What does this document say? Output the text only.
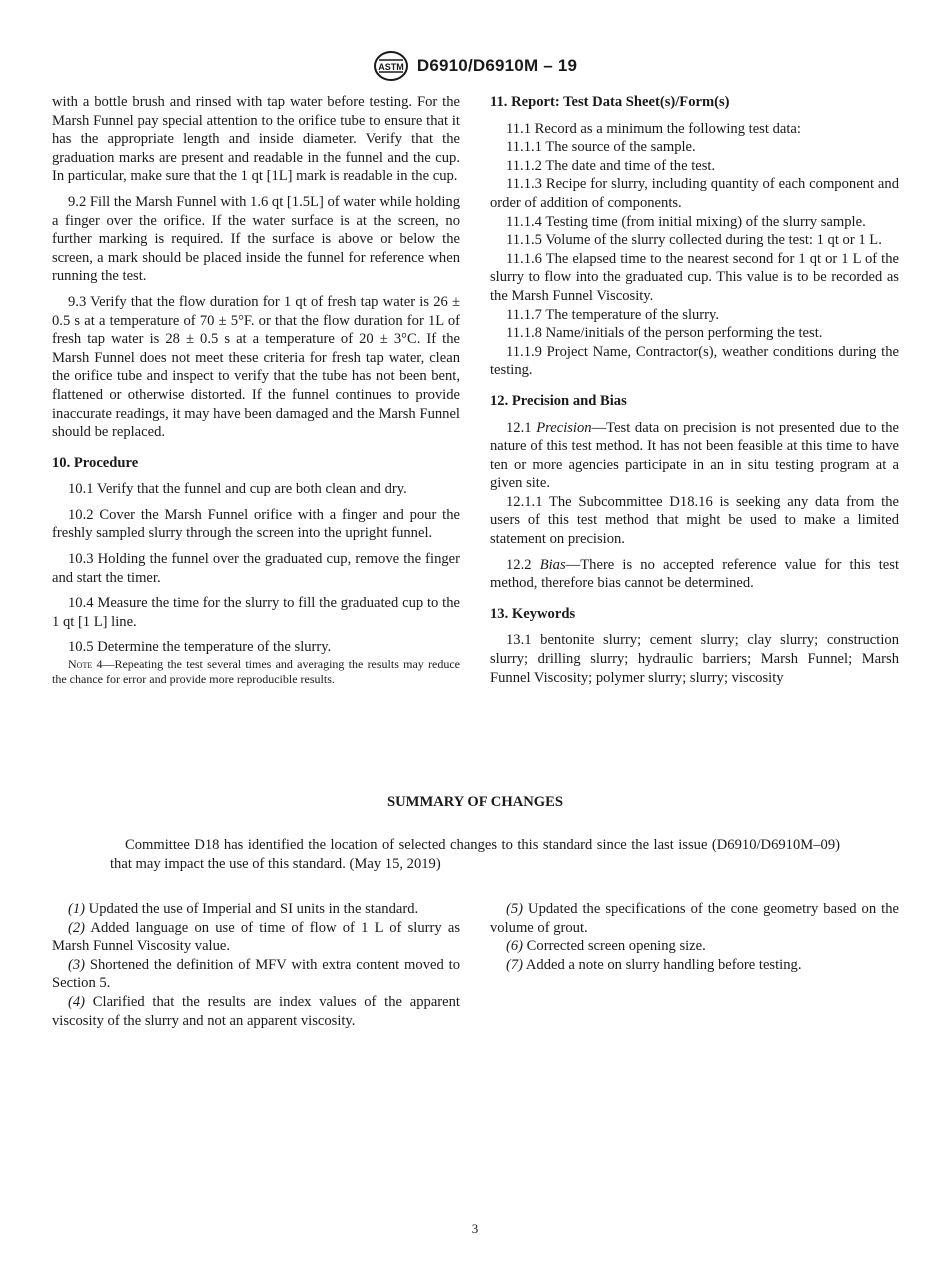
ASTM D6910/D6910M – 19

with a bottle brush and rinsed with tap water before testing. For the Marsh Funnel pay special attention to the orifice tube to ensure that it has the appropriate length and inside diameter. Verify that the graduation marks are present and readable in the funnel and the cup. In particular, make sure that the 1 qt [1L] mark is readable in the cup.

9.2 Fill the Marsh Funnel with 1.6 qt [1.5L] of water while holding a finger over the orifice. If the water surface is at the screen, no further marking is required. If the surface is above or below the screen, a mark should be placed inside the funnel for reference when running the test.

9.3 Verify that the flow duration for 1 qt of fresh tap water is 26 ± 0.5 s at a temperature of 70 ± 5°F. or that the flow duration for 1L of fresh tap water is 28 ± 0.5 s at a temperature of 20 ± 3°C. If the Marsh Funnel does not meet these criteria for fresh tap water, clean the orifice tube and inspect to verify that the tube has not been bent, flattened or otherwise distorted. If the funnel continues to provide inaccurate readings, it may have been damaged and the Marsh Funnel should be replaced.

10. Procedure

10.1 Verify that the funnel and cup are both clean and dry.

10.2 Cover the Marsh Funnel orifice with a finger and pour the freshly sampled slurry through the screen into the upright funnel.

10.3 Holding the funnel over the graduated cup, remove the finger and start the timer.

10.4 Measure the time for the slurry to fill the graduated cup to the 1 qt [1 L] line.

10.5 Determine the temperature of the slurry.

Note 4—Repeating the test several times and averaging the results may reduce the chance for error and provide more reproducible results.
11. Report: Test Data Sheet(s)/Form(s)

11.1 Record as a minimum the following test data:

11.1.1 The source of the sample.

11.1.2 The date and time of the test.

11.1.3 Recipe for slurry, including quantity of each component and order of addition of components.

11.1.4 Testing time (from initial mixing) of the slurry sample.

11.1.5 Volume of the slurry collected during the test: 1 qt or 1 L.

11.1.6 The elapsed time to the nearest second for 1 qt or 1 L of the slurry to flow into the graduated cup. This value is to be recorded as the Marsh Funnel Viscosity.

11.1.7 The temperature of the slurry.

11.1.8 Name/initials of the person performing the test.

11.1.9 Project Name, Contractor(s), weather conditions during the testing.

12. Precision and Bias

12.1 Precision—Test data on precision is not presented due to the nature of this test method. It has not been feasible at this time to have ten or more agencies participate in an in situ testing program at a given site.

12.1.1 The Subcommittee D18.16 is seeking any data from the users of this test method that might be used to make a limited statement on precision.

12.2 Bias—There is no accepted reference value for this test method, therefore bias cannot be determined.

13. Keywords

13.1 bentonite slurry; cement slurry; clay slurry; construction slurry; drilling slurry; hydraulic barriers; Marsh Funnel; Marsh Funnel Viscosity; polymer slurry; slurry; viscosity

SUMMARY OF CHANGES
Committee D18 has identified the location of selected changes to this standard since the last issue (D6910/D6910M–09) that may impact the use of this standard. (May 15, 2019)

(1) Updated the use of Imperial and SI units in the standard.

(2) Added language on use of time of flow of 1 L of slurry as Marsh Funnel Viscosity value.

(3) Shortened the definition of MFV with extra content moved to Section 5.

(4) Clarified that the results are index values of the apparent viscosity of the slurry and not an apparent viscosity.

(5) Updated the specifications of the cone geometry based on the volume of grout.

(6) Corrected screen opening size.

(7) Added a note on slurry handling before testing.

3
